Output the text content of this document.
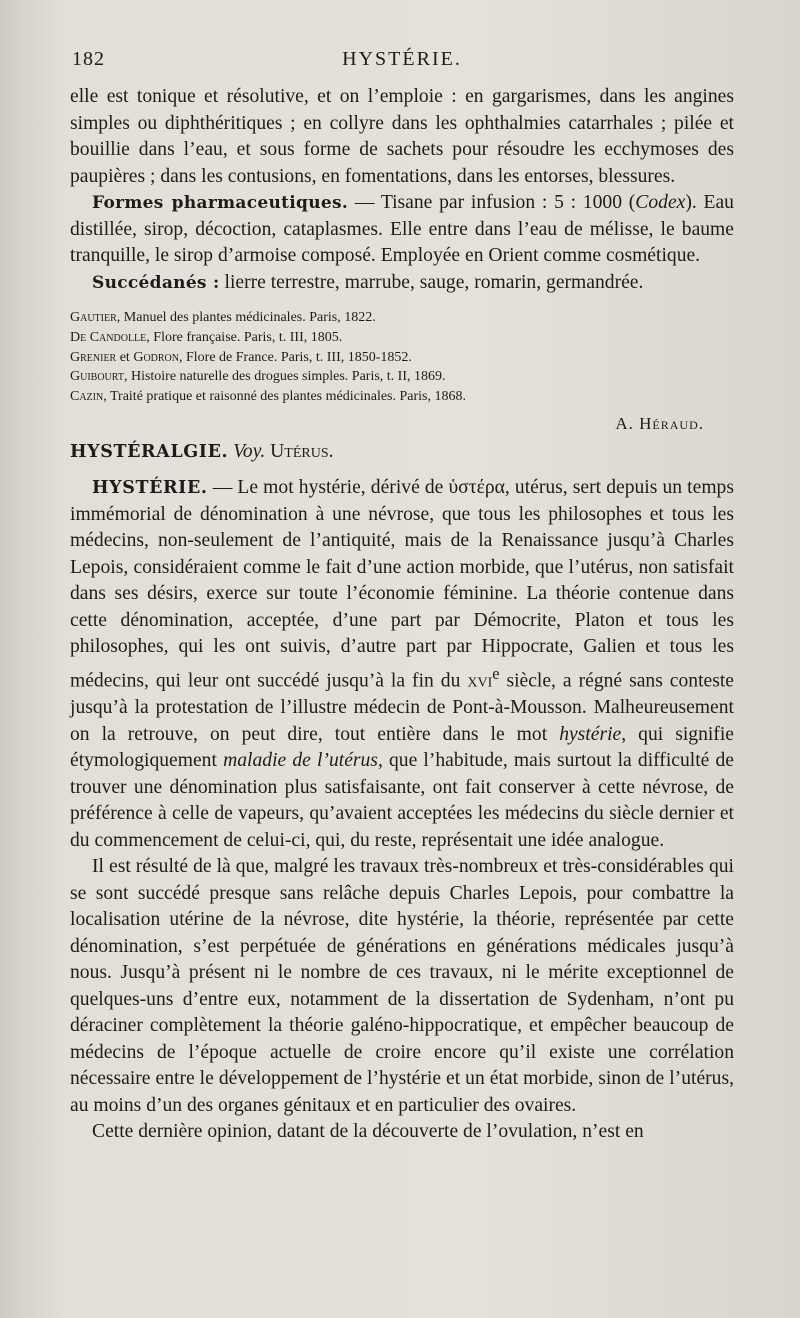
182	HYSTÉRIE.

elle est tonique et résolutive, et on l’emploie : en gargarismes, dans les angines simples ou diphthéritiques ; en collyre dans les ophthalmies catarrhales ; pilée et bouillie dans l’eau, et sous forme de sachets pour résoudre les ecchymoses des paupières ; dans les contusions, en fomentations, dans les entorses, blessures.

Formes pharmaceutiques. — Tisane par infusion : 5 : 1000 (Codex). Eau distillée, sirop, décoction, cataplasmes. Elle entre dans l’eau de mélisse, le baume tranquille, le sirop d’armoise composé. Employée en Orient comme cosmétique.

Succédanés : lierre terrestre, marrube, sauge, romarin, germandrée.

Gautier, Manuel des plantes médicinales. Paris, 1822.
De Candolle, Flore française. Paris, t. III, 1805.
Grenier et Godron, Flore de France. Paris, t. III, 1850-1852.
Guibourt, Histoire naturelle des drogues simples. Paris, t. II, 1869.
Cazin, Traité pratique et raisonné des plantes médicinales. Paris, 1868.
A. Héraud.

HYSTÉRALGIE. Voy. Utérus.

HYSTÉRIE. — Le mot hystérie, dérivé de ὑστέρα, utérus, sert depuis un temps immémorial de dénomination à une névrose, que tous les philosophes et tous les médecins, non-seulement de l’antiquité, mais de la Renaissance jusqu’à Charles Lepois, considéraient comme le fait d’une action morbide, que l’utérus, non satisfait dans ses désirs, exerce sur toute l’économie féminine. La théorie contenue dans cette dénomination, acceptée, d’une part par Démocrite, Platon et tous les philosophes, qui les ont suivis, d’autre part par Hippocrate, Galien et tous les médecins, qui leur ont succédé jusqu’à la fin du xvi$^e$ siècle, a régné sans conteste jusqu’à la protestation de l’illustre médecin de Pont-à-Mousson. Malheureusement on la retrouve, on peut dire, tout entière dans le mot hystérie, qui signifie étymologiquement maladie de l’utérus, que l’habitude, mais surtout la difficulté de trouver une dénomination plus satisfaisante, ont fait conserver à cette névrose, de préférence à celle de vapeurs, qu’avaient acceptées les médecins du siècle dernier et du commencement de celui-ci, qui, du reste, représentait une idée analogue.

Il est résulté de là que, malgré les travaux très-nombreux et très-considérables qui se sont succédé presque sans relâche depuis Charles Lepois, pour combattre la localisation utérine de la névrose, dite hystérie, la théorie, représentée par cette dénomination, s’est perpétuée de générations en générations médicales jusqu’à nous. Jusqu’à présent ni le nombre de ces travaux, ni le mérite exceptionnel de quelques-uns d’entre eux, notamment de la dissertation de Sydenham, n’ont pu déraciner complètement la théorie galéno-hippocratique, et empêcher beaucoup de médecins de l’époque actuelle de croire encore qu’il existe une corrélation nécessaire entre le développement de l’hystérie et un état morbide, sinon de l’utérus, au moins d’un des organes génitaux et en particulier des ovaires.

Cette dernière opinion, datant de la découverte de l’ovulation, n’est en
